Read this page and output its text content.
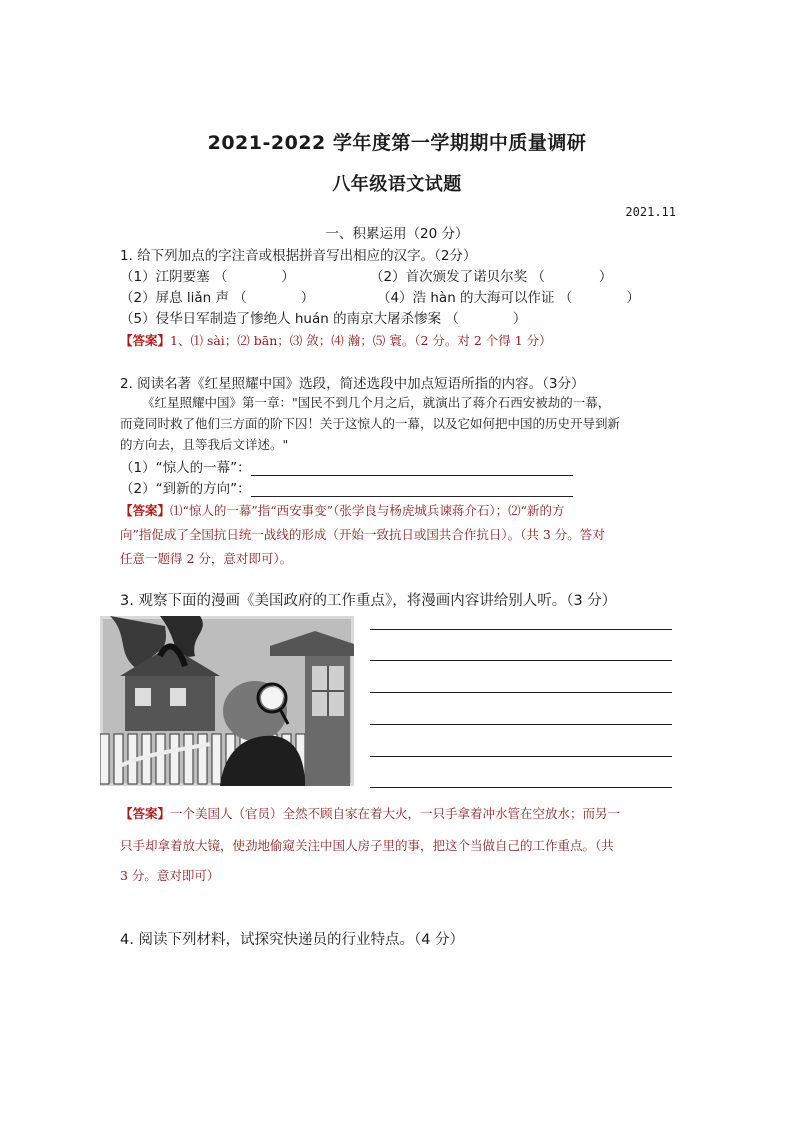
2021-2022 学年度第一学期期中质量调研
八年级语文试题
2021.11
一、积累运用（20 分）
1. 给下列加点的字注音或根据拼音写出相应的汉字。（2分）
（1）江阴要塞 （　　　　）	（2）首次颁发了诺贝尔奖 （　　　　）
（2）屏息 liǎn 声 （　　　　）	（4）浩 hàn 的大海可以作证 （　　　　）
（5）侵华日军制造了惨绝人 huán 的南京大屠杀惨案 （　　　　）
【答案】1、⑴ sài；⑵ bān；⑶ 敛；⑷ 瀚；⑸ 寰。（2 分。对 2 个得 1 分）
2. 阅读名著《红星照耀中国》选段，简述选段中加点短语所指的内容。（3分）
《红星照耀中国》第一章："国民不到几个月之后，就演出了蒋介石西安被劫的一幕，
而竟同时救了他们三方面的阶下囚！关于这惊人的一幕，以及它如何把中国的历史开导到新
的方向去，且等我后文详述。"
（1）“惊人的一幕”：
（2）“到新的方向”：
【答案】⑴“惊人的一幕”指“西安事变”（张学良与杨虎城兵谏蒋介石）；⑵“新的方
向”指促成了全国抗日统一战线的形成（开始一致抗日或国共合作抗日）。（共 3 分。答对
任意一题得 2 分，意对即可）。
3. 观察下面的漫画《美国政府的工作重点》，将漫画内容讲给别人听。（3 分）
【答案】一个美国人（官员）全然不顾自家在着大火，一只手拿着冲水管在空放水；而另一
只手却拿着放大镜，使劲地偷窥关注中国人房子里的事，把这个当做自己的工作重点。（共
3 分。意对即可）
4. 阅读下列材料，试探究快递员的行业特点。（4 分）
